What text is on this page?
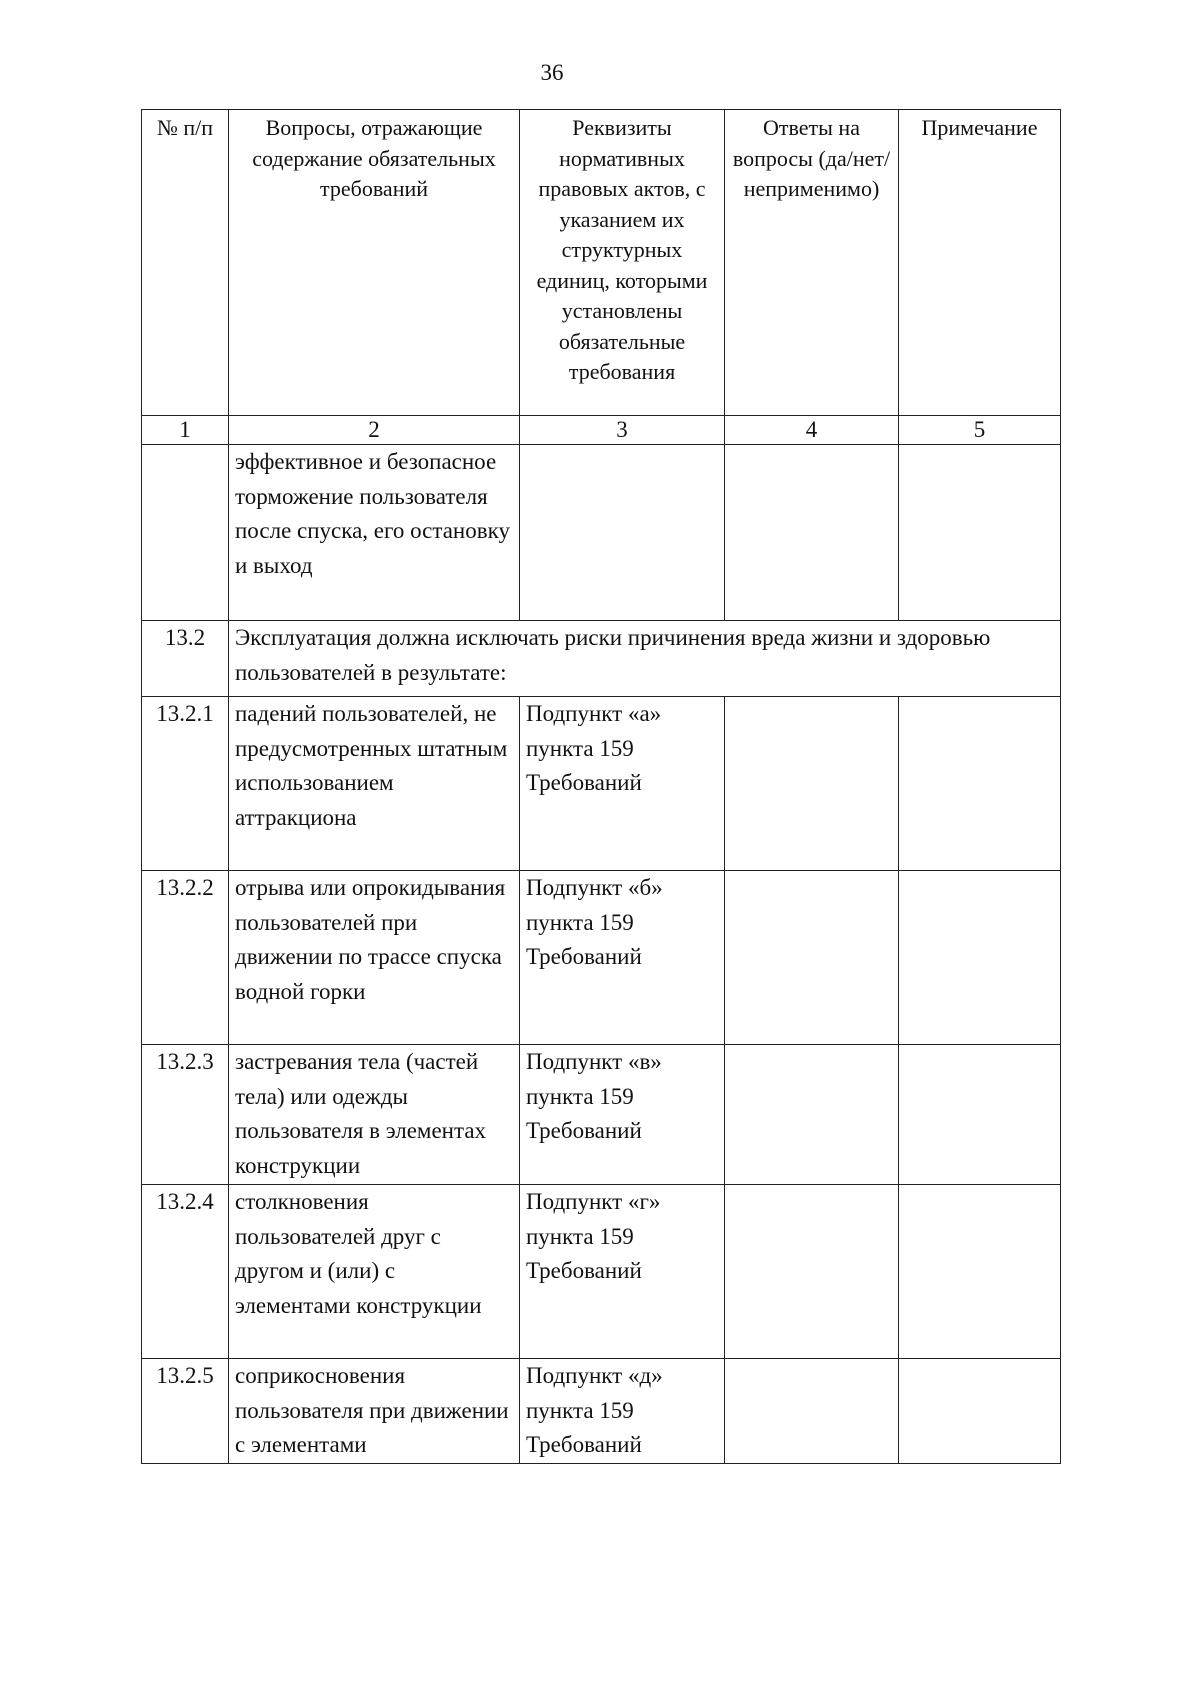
36
№ п/п	Вопросы, отражающие содержание обязательных требований	Реквизиты нормативных правовых актов, с указанием их структурных единиц, которыми установлены обязательные требования	Ответы на вопросы (да/нет/ неприменимо)	Примечание
1	2	3	4	5
	эффективное и безопасное торможение пользователя после спуска, его остановку и выход			
13.2	Эксплуатация должна исключать риски причинения вреда жизни и здоровью пользователей в результате:			
13.2.1	падений пользователей, не предусмотренных штатным использованием аттракциона	Подпункт «а» пункта 159 Требований		
13.2.2	отрыва или опрокидывания пользователей при движении по трассе спуска водной горки	Подпункт «б» пункта 159 Требований		
13.2.3	застревания тела (частей тела) или одежды пользователя в элементах конструкции	Подпункт «в» пункта 159 Требований		
13.2.4	столкновения пользователей друг с другом и (или) с элементами конструкции	Подпункт «г» пункта 159 Требований		
13.2.5	соприкосновения пользователя при движении с элементами	Подпункт «д» пункта 159 Требований		
